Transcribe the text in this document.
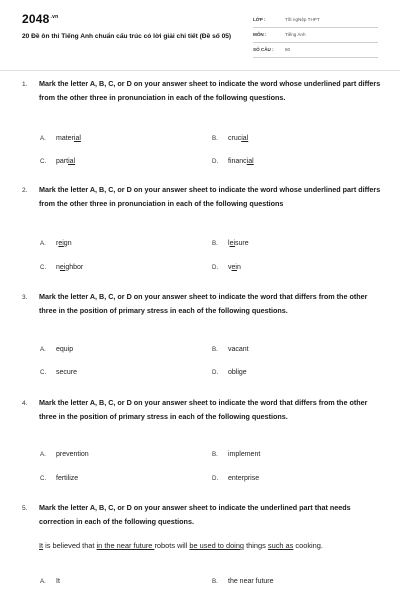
$2048^{.vn}$
20 Đề ôn thi Tiếng Anh chuẩn cấu trúc có lời giải chi tiết (Đề số 05)
LỚP :	Tốt ngNệp THPT
MÔN :	Tiếng Anh
SỐ CÂU : 50
1. Mark the letter A, B, C, or D on your answer sheet to indicate the word whose underlined part differs from the other three in pronunciation in each of the following questions.
A. material	B. crucial
C. partial	D. financial
2. Mark the letter A, B, C, or D on your answer sheet to indicate the word whose underlined part differs from the other three in pronunciation in each of the following questions
A. reign	B. leisure
C. neighbor	D. vein
3. Mark the letter A, B, C, or D on your answer sheet to indicate the word that differs from the other three in the position of primary stress in each of the following questions.
A. equip	B. vacant
C. secure	D. oblige
4. Mark the letter A, B, C, or D on your answer sheet to indicate the word that differs from the other three in the position of primary stress in each of the following questions.
A. prevention	B. implement
C. fertilize	D. enterprise
5. Mark the letter A, B, C, or D on your answer sheet to indicate the underlined part that needs correction in each of the following questions.
It is believed that in the near future robots will be used to doing things such as cooking.
A. It	B. the near future
